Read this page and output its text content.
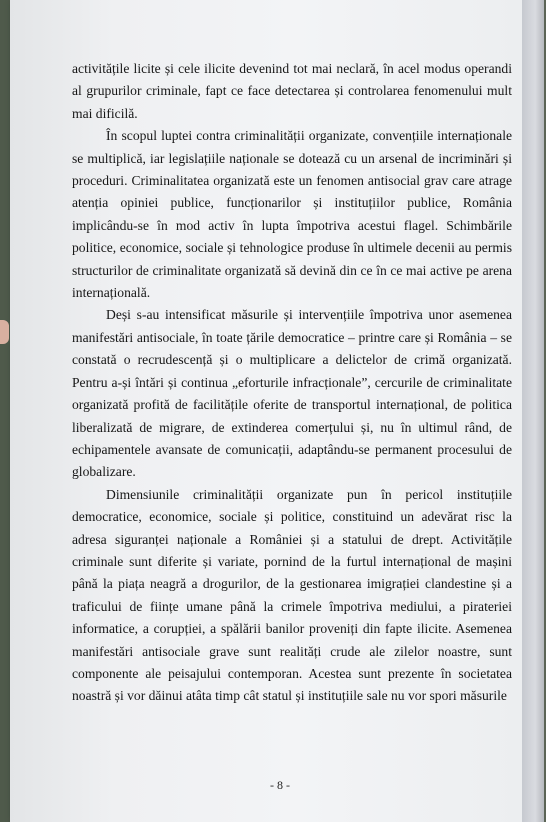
activitățile licite și cele ilicite devenind tot mai neclară, în acel modus operandi al grupurilor criminale, fapt ce face detectarea și controlarea fenomenului mult mai dificilă.

În scopul luptei contra criminalității organizate, convențiile internaționale se multiplică, iar legislațiile naționale se dotează cu un arsenal de incriminări și proceduri. Criminalitatea organizată este un fenomen antisocial grav care atrage atenția opiniei publice, funcționarilor și instituțiilor publice, România implicându-se în mod activ în lupta împotriva acestui flagel. Schimbările politice, economice, sociale și tehnologice produse în ultimele decenii au permis structurilor de criminalitate organizată să devină din ce în ce mai active pe arena internațională.

Deși s-au intensificat măsurile și intervențiile împotriva unor asemenea manifestări antisociale, în toate țările democratice – printre care și România – se constată o recrudescență și o multiplicare a delictelor de crimă organizată. Pentru a-și întări și continua „eforturile infracționale”, cercurile de criminalitate organizată profită de facilitățile oferite de transportul internațional, de politica liberalizată de migrare, de extinderea comerțului și, nu în ultimul rând, de echipamentele avansate de comunicații, adaptându-se permanent procesului de globalizare.

Dimensiunile criminalității organizate pun în pericol instituțiile democratice, economice, sociale și politice, constituind un adevărat risc la adresa siguranței naționale a României și a statului de drept. Activitățile criminale sunt diferite și variate, pornind de la furtul internațional de mașini până la piața neagră a drogurilor, de la gestionarea imigrației clandestine și a traficului de ființe umane până la crimele împotriva mediului, a pirateriei informatice, a corupției, a spălării banilor proveniți din fapte ilicite. Asemenea manifestări antisociale grave sunt realități crude ale zilelor noastre, sunt componente ale peisajului contemporan. Acestea sunt prezente în societatea noastră și vor dăinui atâta timp cât statul și instituțiile sale nu vor spori măsurile

- 8 -
